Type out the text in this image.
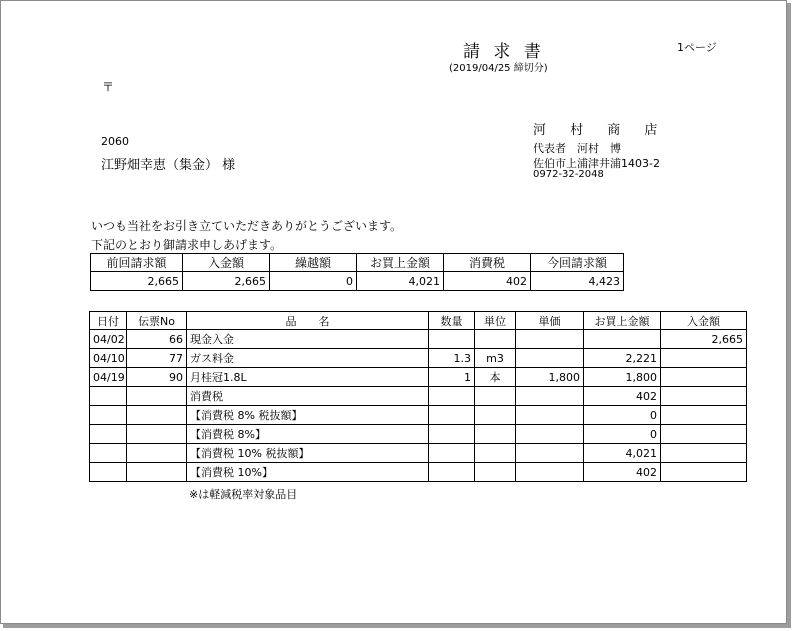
請 求 書
(2019/04/25 締切分)
1ページ
〒
2060
江野畑幸恵（集金） 様
河 村 商 店
代表者　河村　博
佐伯市上浦津井浦1403-2
0972-32-2048
いつも当社をお引き立ていただきありがとうございます。
下記のとおり御請求申しあげます。
前回請求額	入金額	繰越額	お買上金額	消費税	今回請求額
2,665	2,665	0	4,021	402	4,423
日付	伝票No	品　　名	数量	単位	単価	お買上金額	入金額
04/02	66	現金入金					2,665
04/10	77	ガス料金	1.3	m3		2,221	
04/19	90	月桂冠1.8L	1	本	1,800	1,800	
		消費税				402	
		【消費税 8% 税抜額】				0	
		【消費税 8%】				0	
		【消費税 10% 税抜額】				4,021	
		【消費税 10%】				402	
※は軽減税率対象品目
